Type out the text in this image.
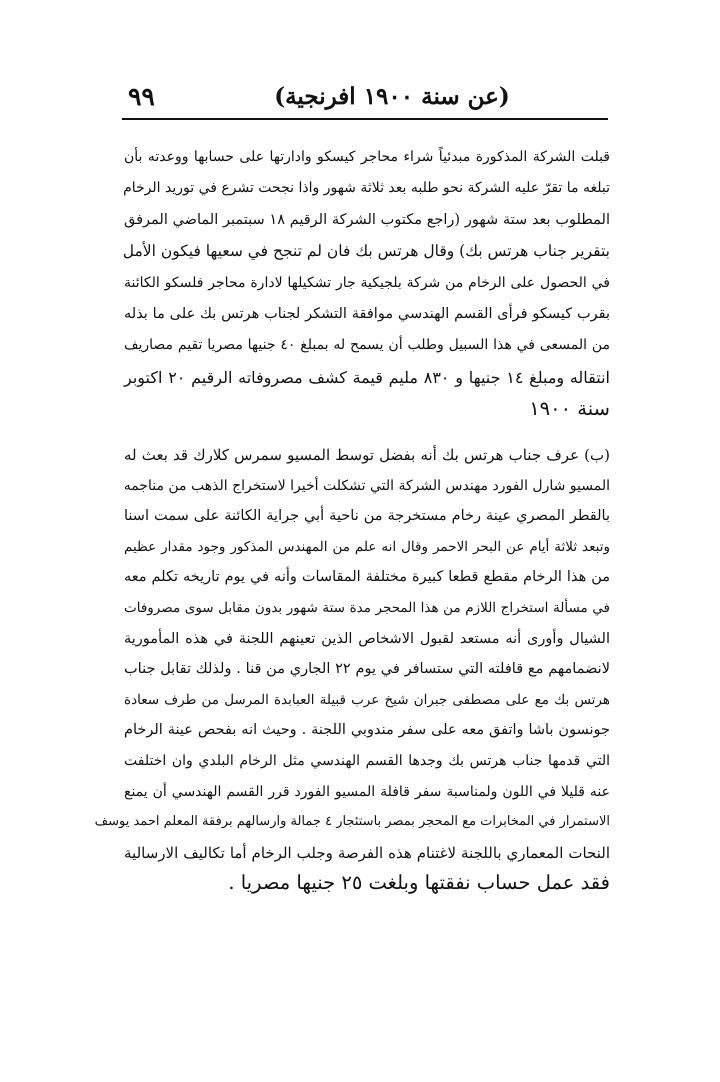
٩٩	(عن سنة ١٩٠٠ افرنجية)
قبلت الشركة المذكورة مبدئياً شراء محاجر كيسكو وادارتها على حسابها ووعدته بأن
تبلغه ما تقرّ عليه الشركة نحو طلبه بعد ثلاثة شهور واذا نجحت تشرع في توريد الرخام
المطلوب بعد ستة شهور (راجع مكتوب الشركة الرقيم ١٨ سبتمبر الماضي المرفق
بتقرير جناب هرتس بك) وقال هرتس بك فان لم تنجح في سعيها فيكون الأمل
في الحصول على الرخام من شركة بلجيكية جار تشكيلها لادارة محاجر فلسكو الكائنة
بقرب كيسكو فرأى القسم الهندسي موافقة التشكر لجناب هرتس بك على ما بذله
من المسعى في هذا السبيل وطلب أن يسمح له بمبلغ ٤٠ جنيها مصريا تقيم مصاريف
انتقاله ومبلغ ١٤ جنيها و ٨٣٠ مليم قيمة كشف مصروفاته الرقيم ٢٠ اكتوبر
سنة ١٩٠٠
(ب) عرف جناب هرتس بك أنه بفضل توسط المسيو سمرس كلارك قد بعث له
المسيو شارل الفورد مهندس الشركة التي تشكلت أخيرا لاستخراج الذهب من مناجمه
بالقطر المصري عينة رخام مستخرجة من ناحية أبي جراية الكائنة على سمت اسنا
وتبعد ثلاثة أيام عن البحر الاحمر وقال انه علم من المهندس المذكور وجود مقدار عظيم
من هذا الرخام مقطع قطعا كبيرة مختلفة المقاسات وأنه في يوم تاريخه تكلم معه
في مسألة استخراج اللازم من هذا المحجر مدة ستة شهور بدون مقابل سوى مصروفات
الشيال وأورى أنه مستعد لقبول الاشخاص الذين تعينهم اللجنة في هذه المأمورية
لانضمامهم مع قافلته التي ستسافر في يوم ٢٢ الجاري من قنا . ولذلك تقابل جناب
هرتس بك مع على مصطفى جبران شيخ عرب قبيلة العبابدة المرسل من طرف سعادة
جونسون باشا واتفق معه على سفر مندوبي اللجنة . وحيث انه بفحص عينة الرخام
التي قدمها جناب هرتس بك وجدها القسم الهندسي مثل الرخام البلدي وان اختلفت
عنه قليلا في اللون ولمناسبة سفر قافلة المسيو الفورد قرر القسم الهندسي أن يمنع
الاستمرار في المخابرات مع المحجر بمصر باستئجار ٤ جمالة وارسالهم برفقة المعلم احمد يوسف
النحات المعماري باللجنة لاغتنام هذه الفرصة وجلب الرخام أما تكاليف الارسالية
فقد عمل حساب نفقتها وبلغت ٢٥ جنيها مصريا .
